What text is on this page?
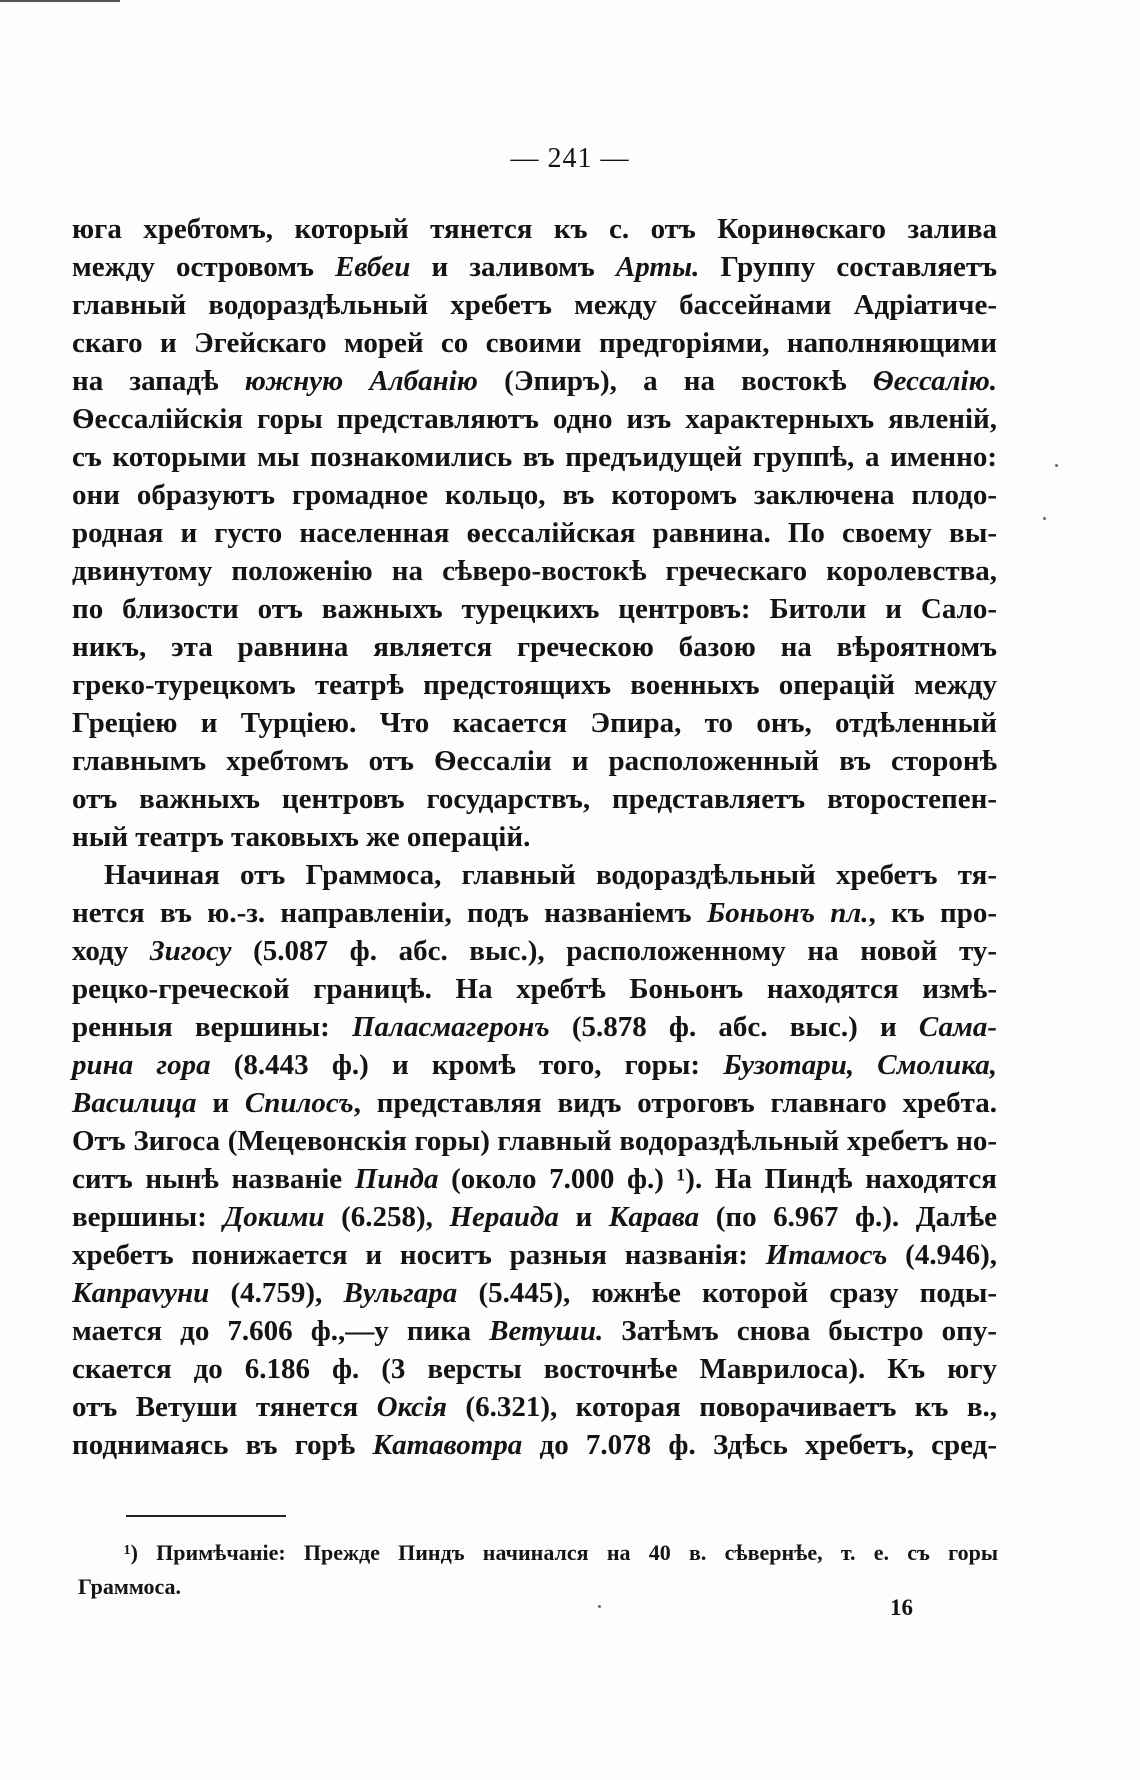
— 241 —
юга хребтомъ, который тянется къ с. отъ Коринѳскаго залива
между островомъ Евбеи и заливомъ Арты. Группу составляетъ
главный водораздѣльный хребетъ между бассейнами Адріатиче-
скаго и Эгейскаго морей со своими предгоріями, наполняющими
на западѣ южную Албанію (Эпиръ), а на востокѣ Ѳессалію.
Ѳессалійскія горы представляютъ одно изъ характерныхъ явленій,
съ которыми мы познакомились въ предъидущей группѣ, а именно:
они образуютъ громадное кольцо, въ которомъ заключена плодо-
родная и густо населенная ѳессалійская равнина. По своему вы-
двинутому положенію на сѣверо-востокѣ греческаго королевства,
по близости отъ важныхъ турецкихъ центровъ: Битоли и Сало-
никъ, эта равнина является греческою базою на вѣроятномъ
греко-турецкомъ театрѣ предстоящихъ военныхъ операцій между
Греціею и Турціею. Что касается Эпира, то онъ, отдѣленный
главнымъ хребтомъ отъ Ѳессаліи и расположенный въ сторонѣ
отъ важныхъ центровъ государствъ, представляетъ второстепен-
ный театръ таковыхъ же операцій.
Начиная отъ Граммоса, главный водораздѣльный хребетъ тя-
нется въ ю.-з. направленіи, подъ названіемъ Боньонъ пл., къ про-
ходу Зигосу (5.087 ф. абс. выс.), расположенному на новой ту-
рецко-греческой границѣ. На хребтѣ Боньонъ находятся измѣ-
ренныя вершины: Паласмагеронъ (5.878 ф. абс. выс.) и Сама-
рина гора (8.443 ф.) и кромѣ того, горы: Бузотари, Смолика,
Василица и Спилосъ, представляя видъ отроговъ главнаго хребта.
Отъ Зигоса (Мецевонскія горы) главный водораздѣльный хребетъ но-
ситъ нынѣ названіе Пинда (около 7.000 ф.) ¹). На Пиндѣ находятся
вершины: Докими (6.258), Нераида и Карава (по 6.967 ф.). Далѣе
хребетъ понижается и носитъ разныя названія: Итамосъ (4.946),
Капраvуни (4.759), Вульгара (5.445), южнѣе которой сразу поды-
мается до 7.606 ф.,—у пика Ветуши. Затѣмъ снова быстро опу-
скается до 6.186 ф. (3 версты восточнѣе Маврилоса). Къ югу
отъ Ветуши тянется Оксія (6.321), которая поворачиваетъ къ в.,
поднимаясь въ горѣ Катавотра до 7.078 ф. Здѣсь хребетъ, сред-
¹) Примѣчаніе: Прежде Пиндъ начинался на 40 в. сѣвернѣе, т. е. съ горы
Граммоса.
16
